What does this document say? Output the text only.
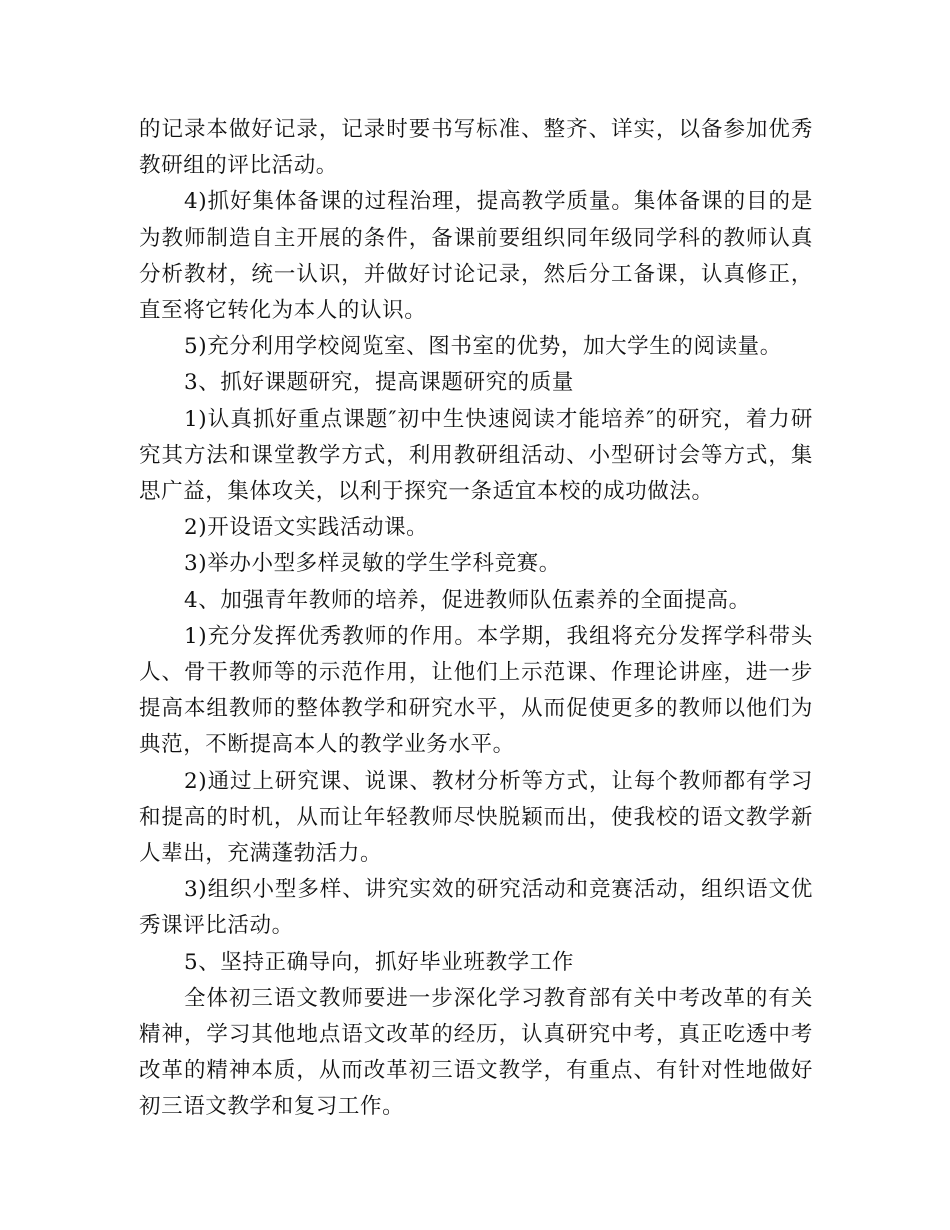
的记录本做好记录，记录时要书写标准、整齐、详实，以备参加优秀教研组的评比活动。

4)抓好集体备课的过程治理，提高教学质量。集体备课的目的是为教师制造自主开展的条件，备课前要组织同年级同学科的教师认真分析教材，统一认识，并做好讨论记录，然后分工备课，认真修正，直至将它转化为本人的认识。

5)充分利用学校阅览室、图书室的优势，加大学生的阅读量。

3、抓好课题研究，提高课题研究的质量

1)认真抓好重点课题″初中生快速阅读才能培养″的研究，着力研究其方法和课堂教学方式，利用教研组活动、小型研讨会等方式，集思广益，集体攻关，以利于探究一条适宜本校的成功做法。

2)开设语文实践活动课。

3)举办小型多样灵敏的学生学科竞赛。

4、加强青年教师的培养，促进教师队伍素养的全面提高。

1)充分发挥优秀教师的作用。本学期，我组将充分发挥学科带头人、骨干教师等的示范作用，让他们上示范课、作理论讲座，进一步提高本组教师的整体教学和研究水平，从而促使更多的教师以他们为典范，不断提高本人的教学业务水平。

2)通过上研究课、说课、教材分析等方式，让每个教师都有学习和提高的时机，从而让年轻教师尽快脱颖而出，使我校的语文教学新人辈出，充满蓬勃活力。

3)组织小型多样、讲究实效的研究活动和竞赛活动，组织语文优秀课评比活动。

5、坚持正确导向，抓好毕业班教学工作

全体初三语文教师要进一步深化学习教育部有关中考改革的有关精神，学习其他地点语文改革的经历，认真研究中考，真正吃透中考改革的精神本质，从而改革初三语文教学，有重点、有针对性地做好初三语文教学和复习工作。
